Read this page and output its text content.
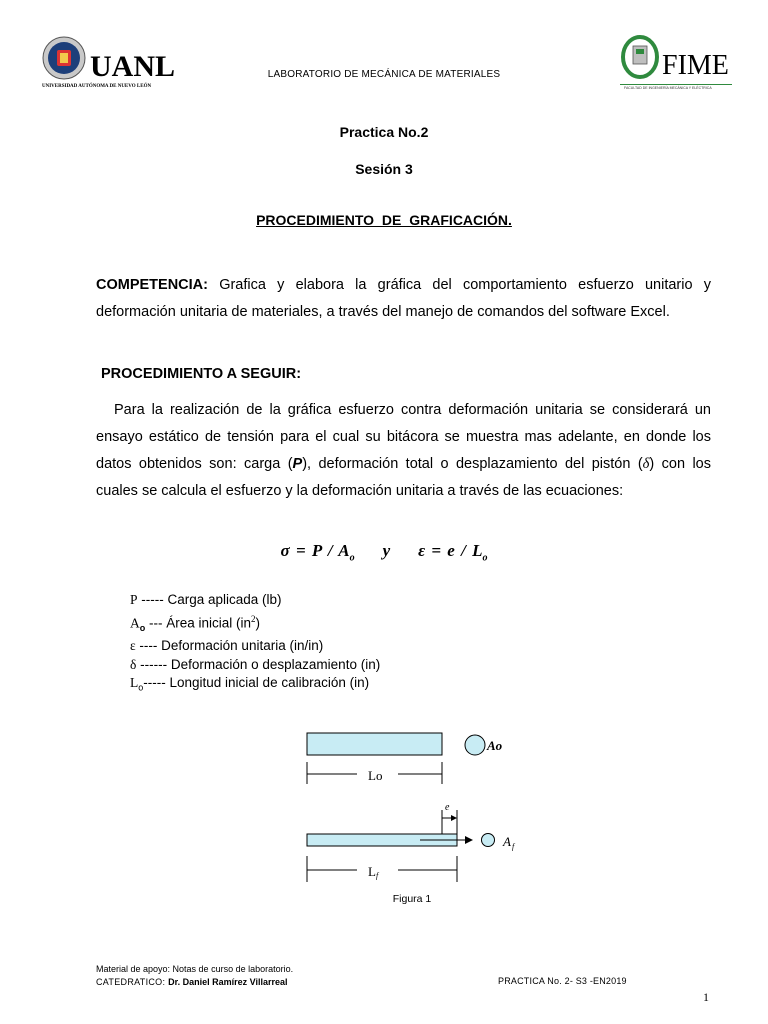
UANL
UNIVERSIDAD AUTÓNOMA DE NUEVO LEÓN
LABORATORIO DE MECÁNICA DE MATERIALES	FIME
FACULTAD DE INGENIERÍA MECÁNICA Y ELÉCTRICA
Practica No.2
Sesión 3
PROCEDIMIENTO DE GRAFICACIÓN.
COMPETENCIA: Grafica y elabora la gráfica del comportamiento esfuerzo unitario y deformación unitaria de materiales, a través del manejo de comandos del software Excel.
PROCEDIMIENTO A SEGUIR:
Para la realización de la gráfica esfuerzo contra deformación unitaria se considerará un ensayo estático de tensión para el cual su bitácora se muestra mas adelante, en donde los datos obtenidos son: carga (P), deformación total o desplazamiento del pistón (δ) con los cuales se calcula el esfuerzo y la deformación unitaria a través de las ecuaciones:
$\sigma = P / A_o$ y $\varepsilon = e / L_o$
P ----- Carga aplicada (lb)
$A_o$ --- Área inicial $(in^2)$
ε ---- Deformación unitaria (in/in)
δ ------ Deformación o desplazamiento (in)
$L_o-----$ Longitud inicial de calibración (in)
Ao
Lo
A f
e
L f
Figura 1
Material de apoyo: Notas de curso de laboratorio.
CATEDRATICO: Dr. Daniel Ramírez Villarreal	PRACTICA No. 2- S3 -EN2019
1
